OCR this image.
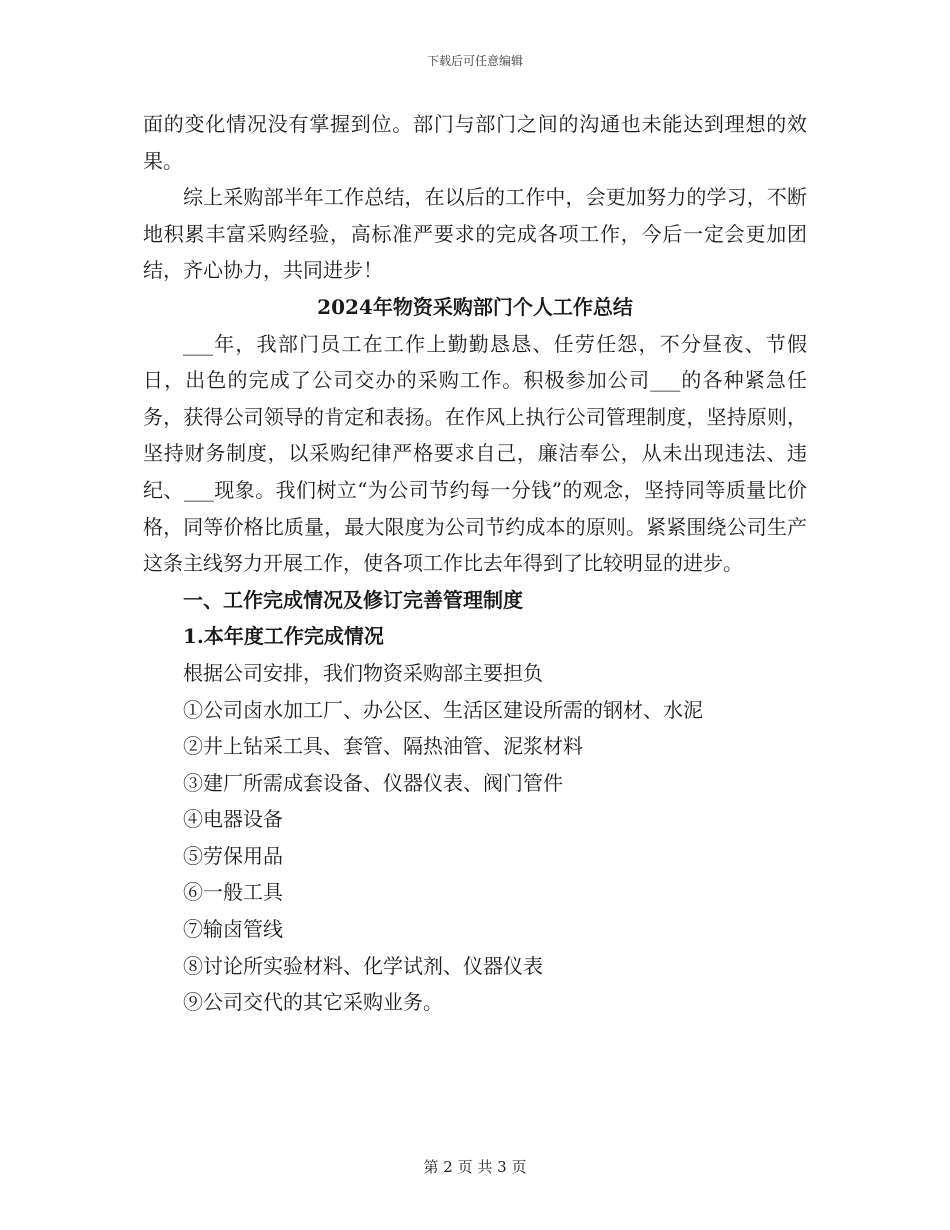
下载后可任意编辑

面的变化情况没有掌握到位。部门与部门之间的沟通也未能达到理想的效果。

综上采购部半年工作总结，在以后的工作中，会更加努力的学习，不断地积累丰富采购经验，高标准严要求的完成各项工作，今后一定会更加团结，齐心协力，共同进步！

2024年物资采购部门个人工作总结

___年，我部门员工在工作上勤勤恳恳、任劳任怨，不分昼夜、节假日，出色的完成了公司交办的采购工作。积极参加公司___的各种紧急任务，获得公司领导的肯定和表扬。在作风上执行公司管理制度，坚持原则，坚持财务制度，以采购纪律严格要求自己，廉洁奉公，从未出现违法、违纪、___现象。我们树立“为公司节约每一分钱”的观念，坚持同等质量比价格，同等价格比质量，最大限度为公司节约成本的原则。紧紧围绕公司生产这条主线努力开展工作，使各项工作比去年得到了比较明显的进步。

一、工作完成情况及修订完善管理制度

1.本年度工作完成情况

根据公司安排，我们物资采购部主要担负

①公司卤水加工厂、办公区、生活区建设所需的钢材、水泥

②井上钻采工具、套管、隔热油管、泥浆材料

③建厂所需成套设备、仪器仪表、阀门管件

④电器设备

⑤劳保用品

⑥一般工具

⑦输卤管线

⑧讨论所实验材料、化学试剂、仪器仪表

⑨公司交代的其它采购业务。

第 2 页 共 3 页
